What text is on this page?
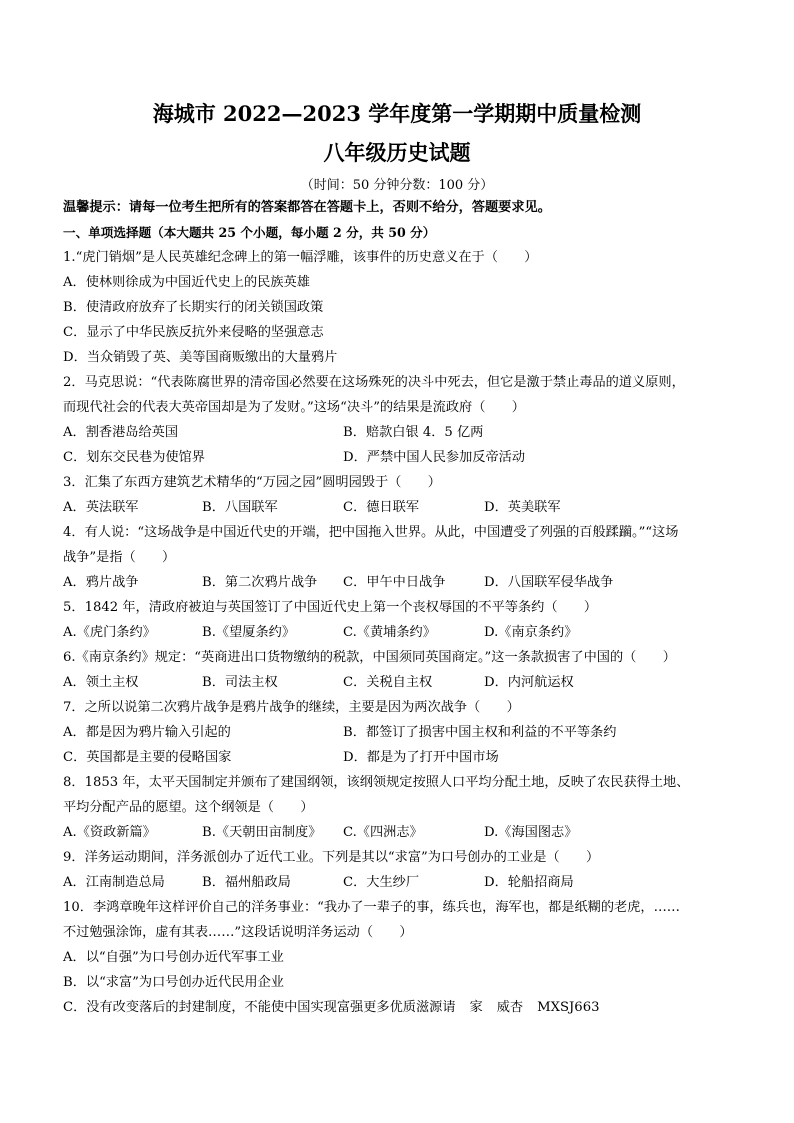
海城市 2022—2023 学年度第一学期期中质量检测
八年级历史试题
（时间：50 分钟分数：100 分）
温馨提示：请每一位考生把所有的答案都答在答题卡上，否则不给分，答题要求见。
一、单项选择题（本大题共 25 个小题，每小题 2 分，共 50 分）
1.“虎门销烟”是人民英雄纪念碑上的第一幅浮雕，该事件的历史意义在于（　　）
A．使林则徐成为中国近代史上的民族英雄
B．使清政府放弃了长期实行的闭关锁国政策
C．显示了中华民族反抗外来侵略的坚强意志
D．当众销毁了英、美等国商贩缴出的大量鸦片
2．马克思说：“代表陈腐世界的清帝国必然要在这场殊死的决斗中死去，但它是激于禁止毒品的道义原则，
而现代社会的代表大英帝国却是为了发财。”这场“决斗”的结果是流政府（　　）
A．割香港岛给英国	B．赔款白银 4．5 亿两
C．划东交民巷为使馆界	D．严禁中国人民参加反帝活动
3．汇集了东西方建筑艺术精华的“万园之园”圆明园毁于（　　）
A．英法联军	B．八国联军	C．德日联军	D．英美联军
4．有人说：“这场战争是中国近代史的开端，把中国拖入世界。从此，中国遭受了列强的百般蹂躏。”“这场
战争”是指（　　）
A．鸦片战争	B．第二次鸦片战争 C．甲午中日战争	D．八国联军侵华战争
5．1842 年，清政府被迫与英国签订了中国近代史上第一个丧权辱国的不平等条约（　　）
A.《虎门条约》	B.《望厦条约》	C.《黄埔条约》	D.《南京条约》
6.《南京条约》规定：“英商进出口货物缴纳的税款，中国须同英国商定。”这一条款损害了中国的（　　）
A．领土主权	B．司法主权	C．关税自主权	D．内河航运权
7．之所以说第二次鸦片战争是鸦片战争的继续，主要是因为两次战争（　　）
A．都是因为鸦片输入引起的	B．都签订了损害中国主权和利益的不平等条约
C．英国都是主要的侵略国家	D．都是为了打开中国市场
8．1853 年，太平天国制定并颁布了建国纲领，该纲领规定按照人口平均分配土地，反映了农民获得土地、
平均分配产品的愿望。这个纲领是（　　）
A.《资政新篇》	B.《天朝田亩制度》 C.《四洲志》	D.《海国图志》
9．洋务运动期间，洋务派创办了近代工业。下列是其以“求富”为口号创办的工业是（　　）
A．江南制造总局	B．福州船政局	C．大生纱厂	D．轮船招商局
10．李鸿章晚年这样评价自己的洋务事业：“我办了一辈子的事，练兵也，海军也，都是纸糊的老虎，……
不过勉强涂饰，虚有其表……”这段话说明洋务运动（　　）
A．以“自强”为口号创办近代军事工业
B．以“求富”为口号创办近代民用企业
C．没有改变落后的封建制度，不能使中国实现富强更多优质滋源请 家 威杏 MXSJ663
